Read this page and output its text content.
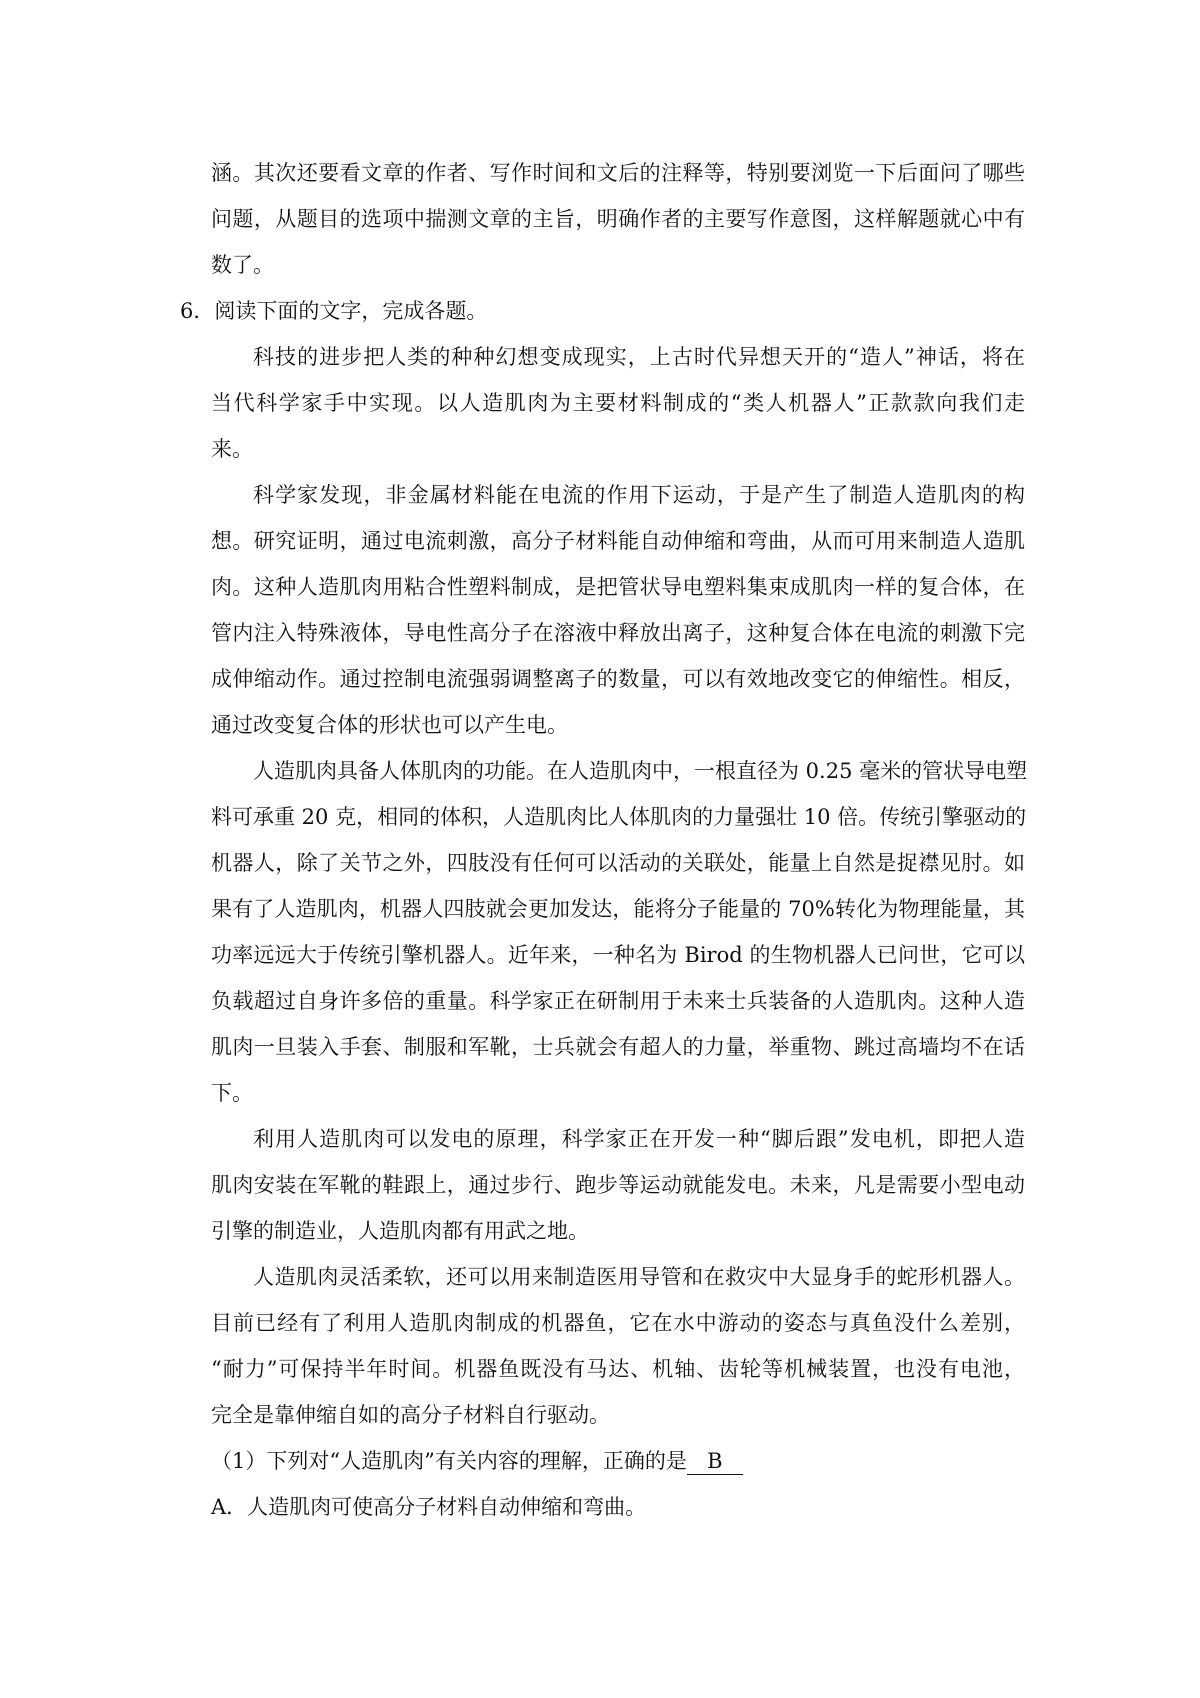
涵。其次还要看文章的作者、写作时间和文后的注释等，特别要浏览一下后面问了哪些
问题，从题目的选项中揣测文章的主旨，明确作者的主要写作意图，这样解题就心中有
数了。
6．阅读下面的文字，完成各题。
科技的进步把人类的种种幻想变成现实，上古时代异想天开的“造人”神话，将在
当代科学家手中实现。以人造肌肉为主要材料制成的“类人机器人”正款款向我们走
来。
科学家发现，非金属材料能在电流的作用下运动，于是产生了制造人造肌肉的构
想。研究证明，通过电流刺激，高分子材料能自动伸缩和弯曲，从而可用来制造人造肌
肉。这种人造肌肉用粘合性塑料制成，是把管状导电塑料集束成肌肉一样的复合体，在
管内注入特殊液体，导电性高分子在溶液中释放出离子，这种复合体在电流的刺激下完
成伸缩动作。通过控制电流强弱调整离子的数量，可以有效地改变它的伸缩性。相反，
通过改变复合体的形状也可以产生电。
人造肌肉具备人体肌肉的功能。在人造肌肉中，一根直径为 0.25 毫米的管状导电塑
料可承重 20 克，相同的体积，人造肌肉比人体肌肉的力量强壮 10 倍。传统引擎驱动的
机器人，除了关节之外，四肢没有任何可以活动的关联处，能量上自然是捉襟见肘。如
果有了人造肌肉，机器人四肢就会更加发达，能将分子能量的 70%转化为物理能量，其
功率远远大于传统引擎机器人。近年来，一种名为 Birod 的生物机器人已问世，它可以
负载超过自身许多倍的重量。科学家正在研制用于未来士兵装备的人造肌肉。这种人造
肌肉一旦装入手套、制服和军靴，士兵就会有超人的力量，举重物、跳过高墙均不在话
下。
利用人造肌肉可以发电的原理，科学家正在开发一种“脚后跟”发电机，即把人造
肌肉安装在军靴的鞋跟上，通过步行、跑步等运动就能发电。未来，凡是需要小型电动
引擎的制造业，人造肌肉都有用武之地。
人造肌肉灵活柔软，还可以用来制造医用导管和在救灾中大显身手的蛇形机器人。
目前已经有了利用人造肌肉制成的机器鱼，它在水中游动的姿态与真鱼没什么差别，
“耐力”可保持半年时间。机器鱼既没有马达、机轴、齿轮等机械装置，也没有电池，
完全是靠伸缩自如的高分子材料自行驱动。
（1）下列对“人造肌肉”有关内容的理解，正确的是 B
A．人造肌肉可使高分子材料自动伸缩和弯曲。
